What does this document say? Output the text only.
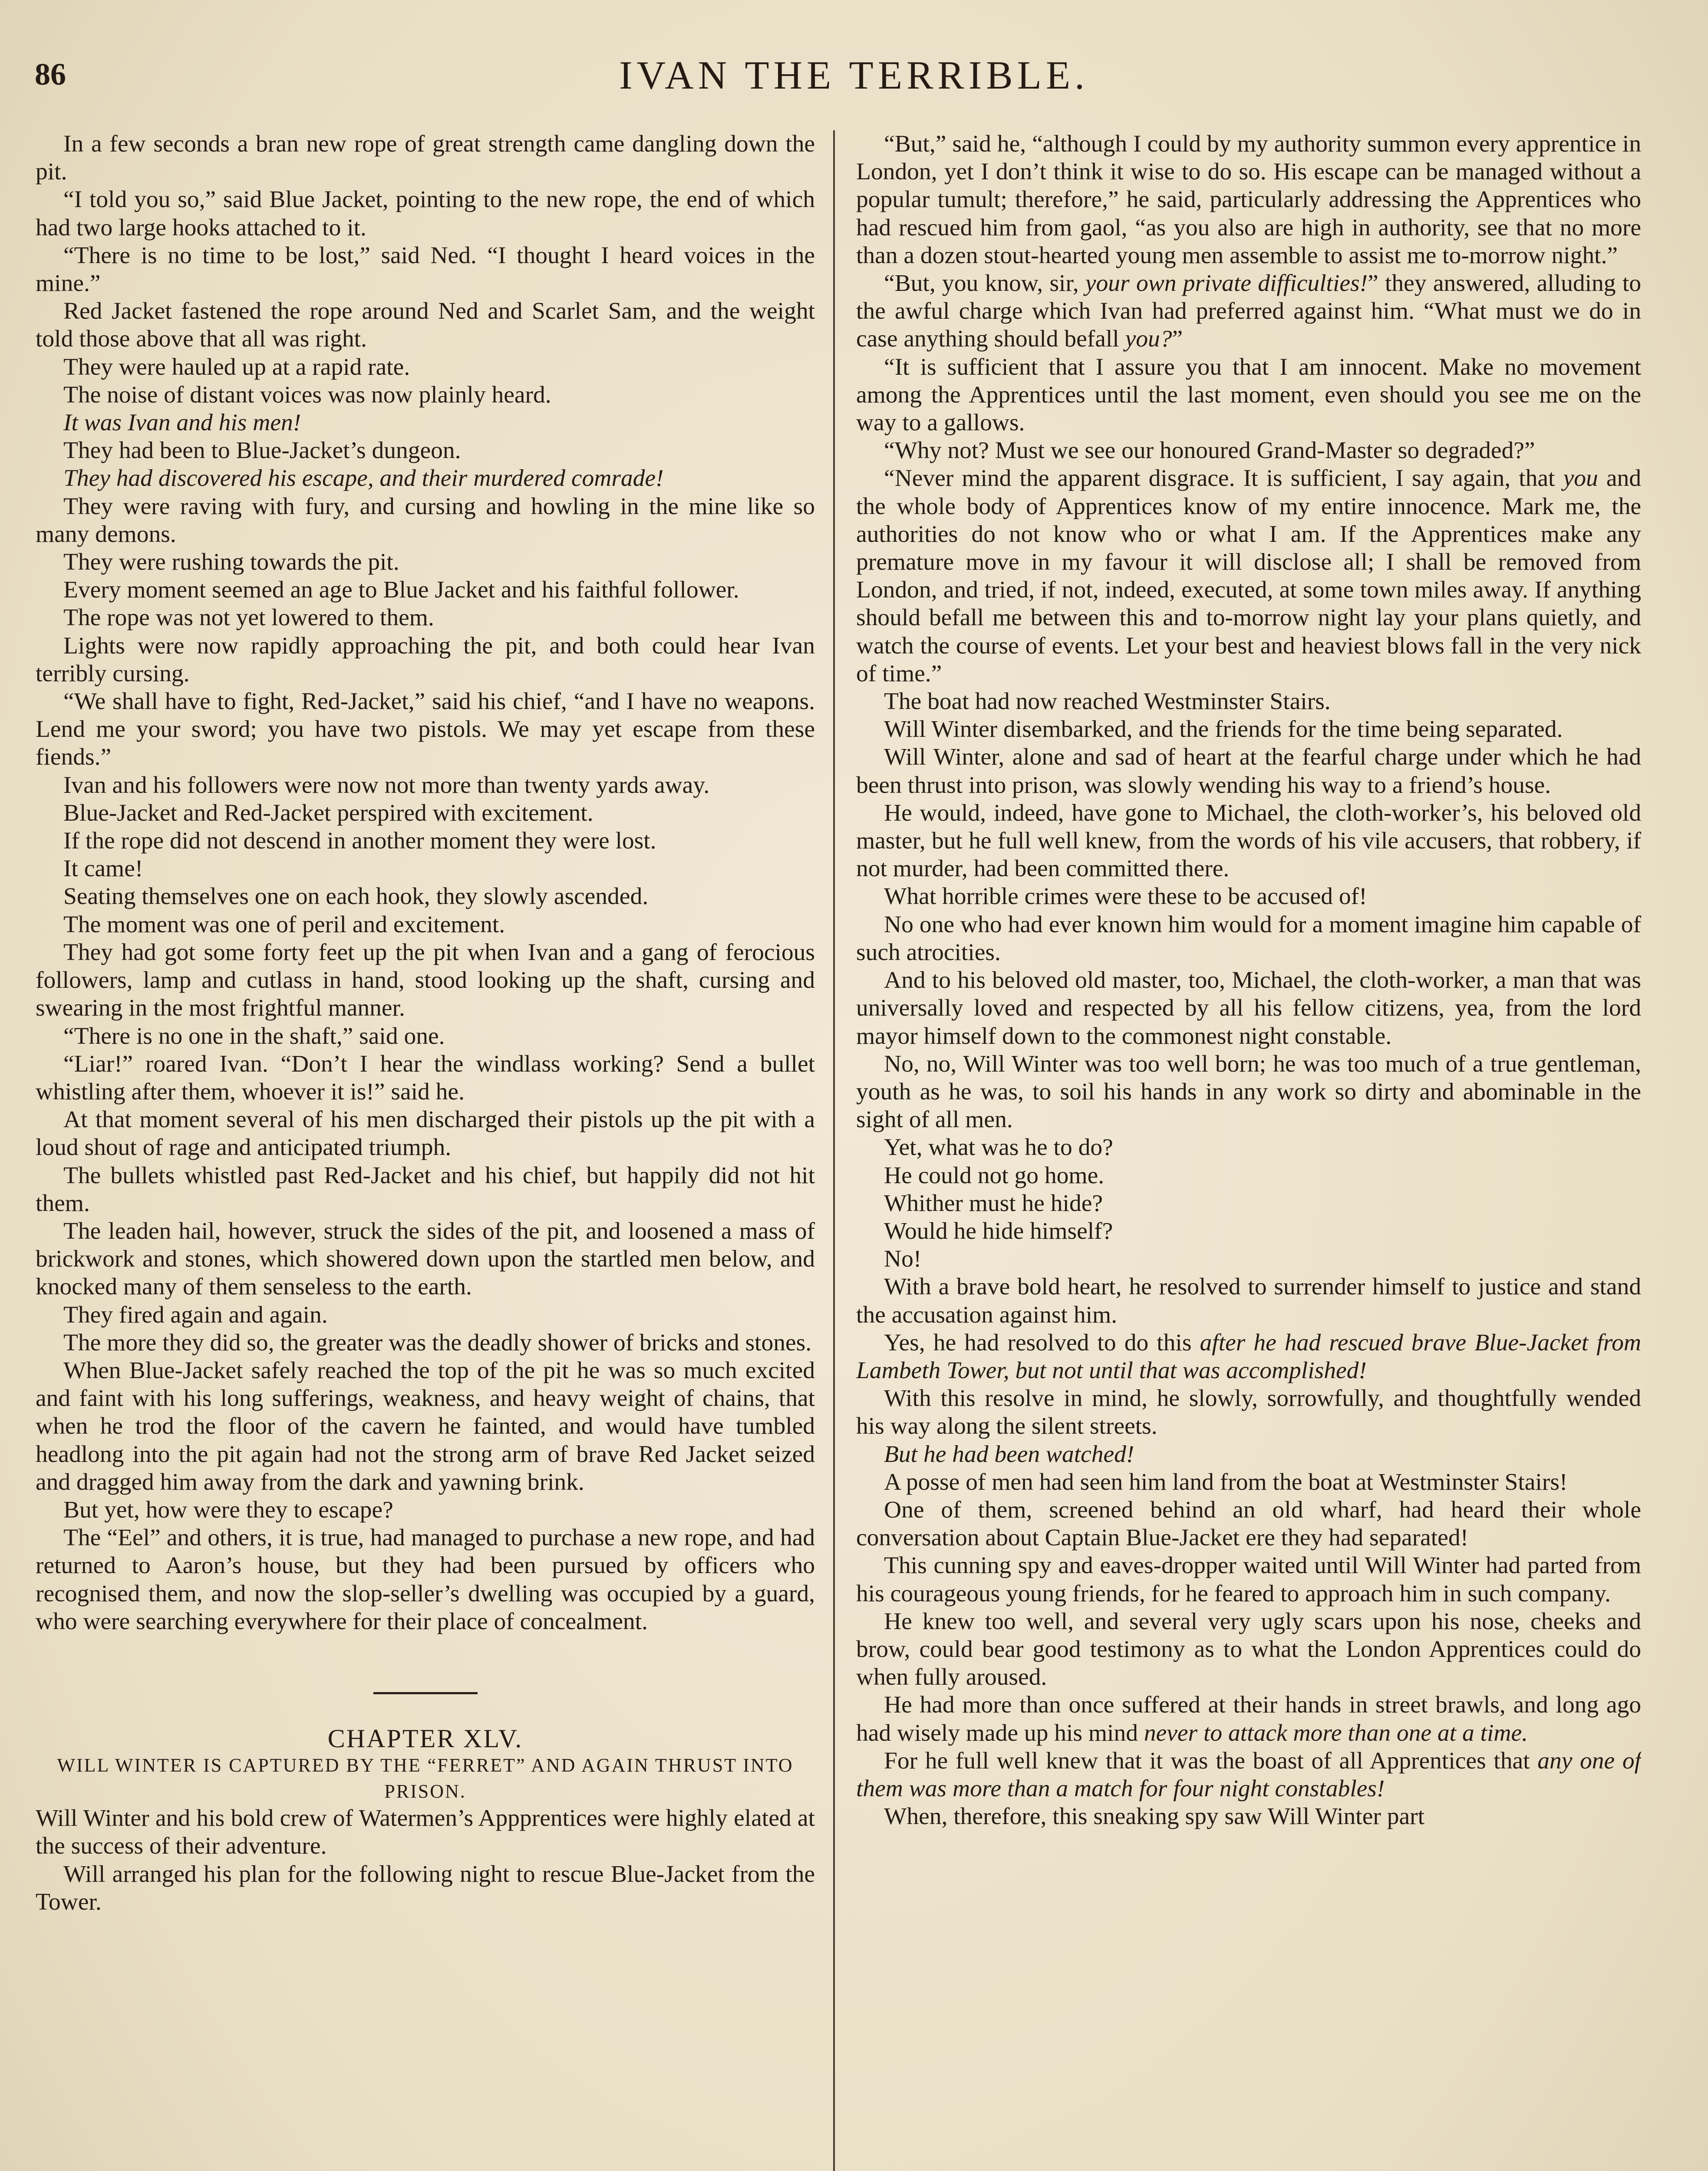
86	IVAN THE TERRIBLE.

In a few seconds a bran new rope of great strength came dangling down the pit.

“I told you so,” said Blue Jacket, pointing to the new rope, the end of which had two large hooks attached to it.

“There is no time to be lost,” said Ned. “I thought I heard voices in the mine.”

Red Jacket fastened the rope around Ned and Scarlet Sam, and the weight told those above that all was right.

They were hauled up at a rapid rate.

The noise of distant voices was now plainly heard.

It was Ivan and his men!

They had been to Blue-Jacket’s dungeon.

They had discovered his escape, and their murdered comrade!

They were raving with fury, and cursing and howling in the mine like so many demons.

They were rushing towards the pit.

Every moment seemed an age to Blue Jacket and his faithful follower.

The rope was not yet lowered to them.

Lights were now rapidly approaching the pit, and both could hear Ivan terribly cursing.

“We shall have to fight, Red-Jacket,” said his chief, “and I have no weapons. Lend me your sword; you have two pistols. We may yet escape from these fiends.”

Ivan and his followers were now not more than twenty yards away.

Blue-Jacket and Red-Jacket perspired with excitement.

If the rope did not descend in another moment they were lost.

It came!

Seating themselves one on each hook, they slowly ascended.

The moment was one of peril and excitement.

They had got some forty feet up the pit when Ivan and a gang of ferocious followers, lamp and cutlass in hand, stood looking up the shaft, cursing and swearing in the most frightful manner.

“There is no one in the shaft,” said one.

“Liar!” roared Ivan. “Don’t I hear the windlass working? Send a bullet whistling after them, whoever it is!” said he.

At that moment several of his men discharged their pistols up the pit with a loud shout of rage and anticipated triumph.

The bullets whistled past Red-Jacket and his chief, but happily did not hit them.

The leaden hail, however, struck the sides of the pit, and loosened a mass of brickwork and stones, which showered down upon the startled men below, and knocked many of them senseless to the earth.

They fired again and again.

The more they did so, the greater was the deadly shower of bricks and stones.

When Blue-Jacket safely reached the top of the pit he was so much excited and faint with his long sufferings, weakness, and heavy weight of chains, that when he trod the floor of the cavern he fainted, and would have tumbled headlong into the pit again had not the strong arm of brave Red Jacket seized and dragged him away from the dark and yawning brink.

But yet, how were they to escape?

The “Eel” and others, it is true, had managed to purchase a new rope, and had returned to Aaron’s house, but they had been pursued by officers who recognised them, and now the slop-seller’s dwelling was occupied by a guard, who were searching everywhere for their place of concealment.

CHAPTER XLV.

WILL WINTER IS CAPTURED BY THE “FERRET” AND AGAIN THRUST INTO PRISON.

Will Winter and his bold crew of Watermen’s Appprentices were highly elated at the success of their adventure.

Will arranged his plan for the following night to rescue Blue-Jacket from the Tower.

“But,” said he, “although I could by my authority summon every apprentice in London, yet I don’t think it wise to do so. His escape can be managed without a popular tumult; therefore,” he said, particularly addressing the Apprentices who had rescued him from gaol, “as you also are high in authority, see that no more than a dozen stout-hearted young men assemble to assist me to-morrow night.”

“But, you know, sir, your own private difficulties!” they answered, alluding to the awful charge which Ivan had preferred against him. “What must we do in case anything should befall you?”

“It is sufficient that I assure you that I am innocent. Make no movement among the Apprentices until the last moment, even should you see me on the way to a gallows.

“Why not? Must we see our honoured Grand-Master so degraded?”

“Never mind the apparent disgrace. It is sufficient, I say again, that you and the whole body of Apprentices know of my entire innocence. Mark me, the authorities do not know who or what I am. If the Apprentices make any premature move in my favour it will disclose all; I shall be removed from London, and tried, if not, indeed, executed, at some town miles away. If anything should befall me between this and to-morrow night lay your plans quietly, and watch the course of events. Let your best and heaviest blows fall in the very nick of time.”

The boat had now reached Westminster Stairs.

Will Winter disembarked, and the friends for the time being separated.

Will Winter, alone and sad of heart at the fearful charge under which he had been thrust into prison, was slowly wending his way to a friend’s house.

He would, indeed, have gone to Michael, the cloth-worker’s, his beloved old master, but he full well knew, from the words of his vile accusers, that robbery, if not murder, had been committed there.

What horrible crimes were these to be accused of!

No one who had ever known him would for a moment imagine him capable of such atrocities.

And to his beloved old master, too, Michael, the cloth-worker, a man that was universally loved and respected by all his fellow citizens, yea, from the lord mayor himself down to the commonest night constable.

No, no, Will Winter was too well born; he was too much of a true gentleman, youth as he was, to soil his hands in any work so dirty and abominable in the sight of all men.

Yet, what was he to do?

He could not go home.

Whither must he hide?

Would he hide himself?

No!

With a brave bold heart, he resolved to surrender himself to justice and stand the accusation against him.

Yes, he had resolved to do this after he had rescued brave Blue-Jacket from Lambeth Tower, but not until that was accomplished!

With this resolve in mind, he slowly, sorrowfully, and thoughtfully wended his way along the silent streets.

But he had been watched!

A posse of men had seen him land from the boat at Westminster Stairs!

One of them, screened behind an old wharf, had heard their whole conversation about Captain Blue-Jacket ere they had separated!

This cunning spy and eaves-dropper waited until Will Winter had parted from his courageous young friends, for he feared to approach him in such company.

He knew too well, and several very ugly scars upon his nose, cheeks and brow, could bear good testimony as to what the London Apprentices could do when fully aroused.

He had more than once suffered at their hands in street brawls, and long ago had wisely made up his mind never to attack more than one at a time.

For he full well knew that it was the boast of all Apprentices that any one of them was more than a match for four night constables!

When, therefore, this sneaking spy saw Will Winter part
